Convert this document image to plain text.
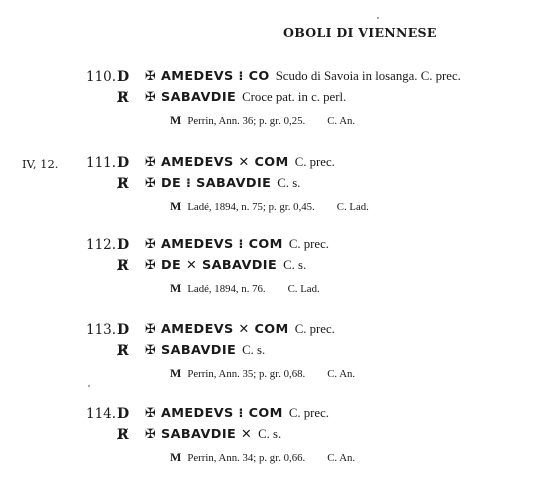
OBOLI DI VIENNESE
110. D ✠ AMEDEVS ⁝ CO Scudo di Savoia in losanga. C. prec.
R̸ ✠ SABAVDIE Croce pat. in c. perl.
M Perrin, Ann. 36; p. gr. 0,25. C. An.
IV, 12. 111. D ✠ AMEDEVS ✕ COM C. prec.
R̸ ✠ DE ⁝ SABAVDIE C. s.
M Ladé, 1894, n. 75; p. gr. 0,45. C. Lad.
112. D ✠ AMEDEVS ⁝ COM C. prec.
R̸ ✠ DE ✕ SABAVDIE C. s.
M Ladé, 1894, n. 76. C. Lad.
113. D ✠ AMEDEVS ✕ COM C. prec.
R̸ ✠ SABAVDIE C. s.
M Perrin, Ann. 35; p. gr. 0,68. C. An.
114. D ✠ AMEDEVS ⁝ COM C. prec.
R̸ ✠ SABAVDIE ✕ C. s.
M Perrin, Ann. 34; p. gr. 0,66. C. An.
